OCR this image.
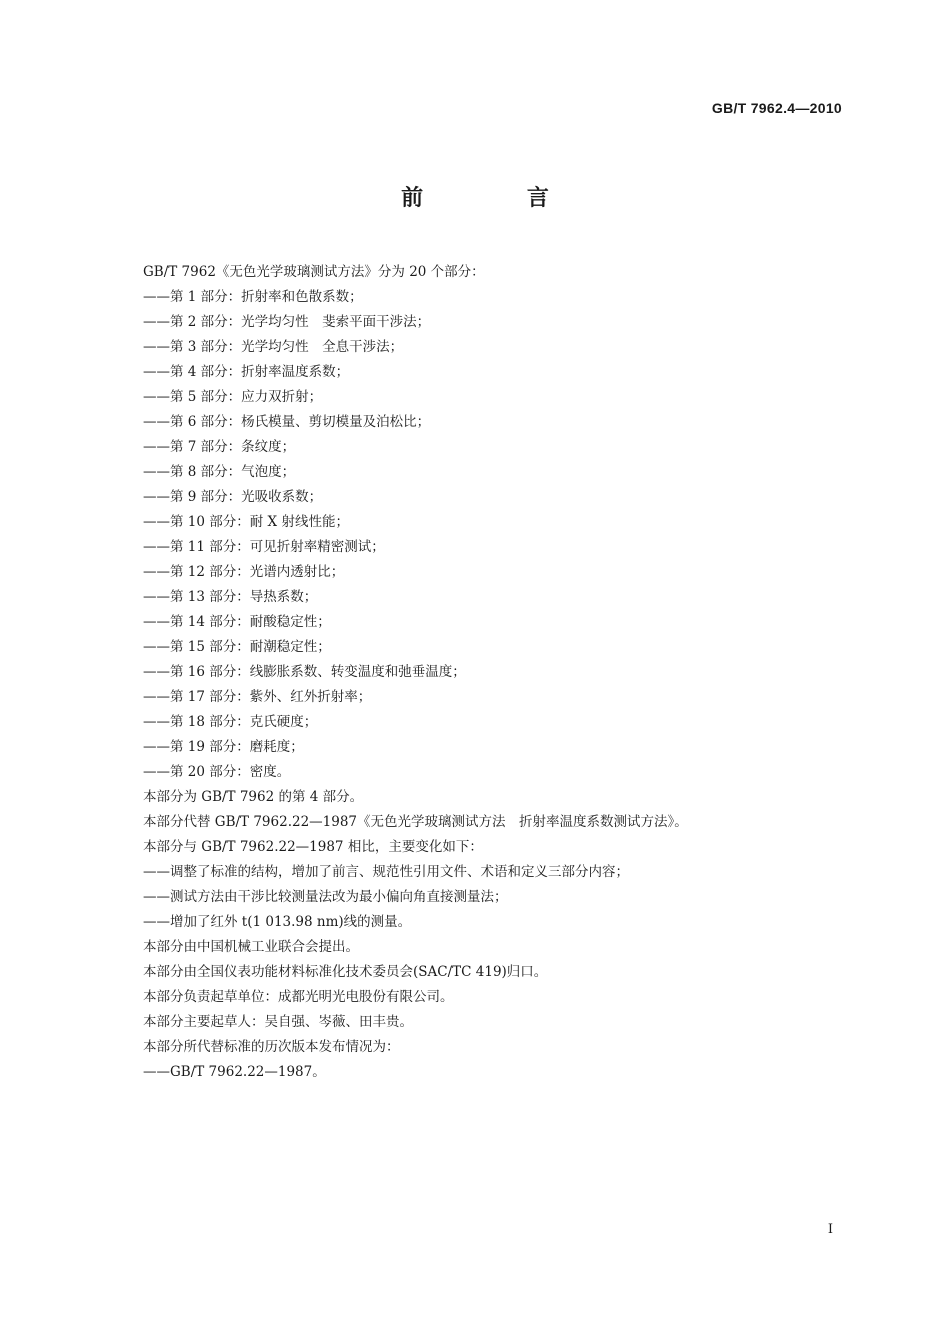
GB/T 7962.4—2010
前 言
GB/T 7962《无色光学玻璃测试方法》分为 20 个部分：
——第 1 部分：折射率和色散系数；
——第 2 部分：光学均匀性　斐索平面干涉法；
——第 3 部分：光学均匀性　全息干涉法；
——第 4 部分：折射率温度系数；
——第 5 部分：应力双折射；
——第 6 部分：杨氏模量、剪切模量及泊松比；
——第 7 部分：条纹度；
——第 8 部分：气泡度；
——第 9 部分：光吸收系数；
——第 10 部分：耐 X 射线性能；
——第 11 部分：可见折射率精密测试；
——第 12 部分：光谱内透射比；
——第 13 部分：导热系数；
——第 14 部分：耐酸稳定性；
——第 15 部分：耐潮稳定性；
——第 16 部分：线膨胀系数、转变温度和弛垂温度；
——第 17 部分：紫外、红外折射率；
——第 18 部分：克氏硬度；
——第 19 部分：磨耗度；
——第 20 部分：密度。
本部分为 GB/T 7962 的第 4 部分。
本部分代替 GB/T 7962.22—1987《无色光学玻璃测试方法　折射率温度系数测试方法》。
本部分与 GB/T 7962.22—1987 相比，主要变化如下：
——调整了标准的结构，增加了前言、规范性引用文件、术语和定义三部分内容；
——测试方法由干涉比较测量法改为最小偏向角直接测量法；
——增加了红外 t(1 013.98 nm)线的测量。
本部分由中国机械工业联合会提出。
本部分由全国仪表功能材料标准化技术委员会(SAC/TC 419)归口。
本部分负责起草单位：成都光明光电股份有限公司。
本部分主要起草人：吴自强、岑薇、田丰贵。
本部分所代替标准的历次版本发布情况为：
——GB/T 7962.22—1987。
I
